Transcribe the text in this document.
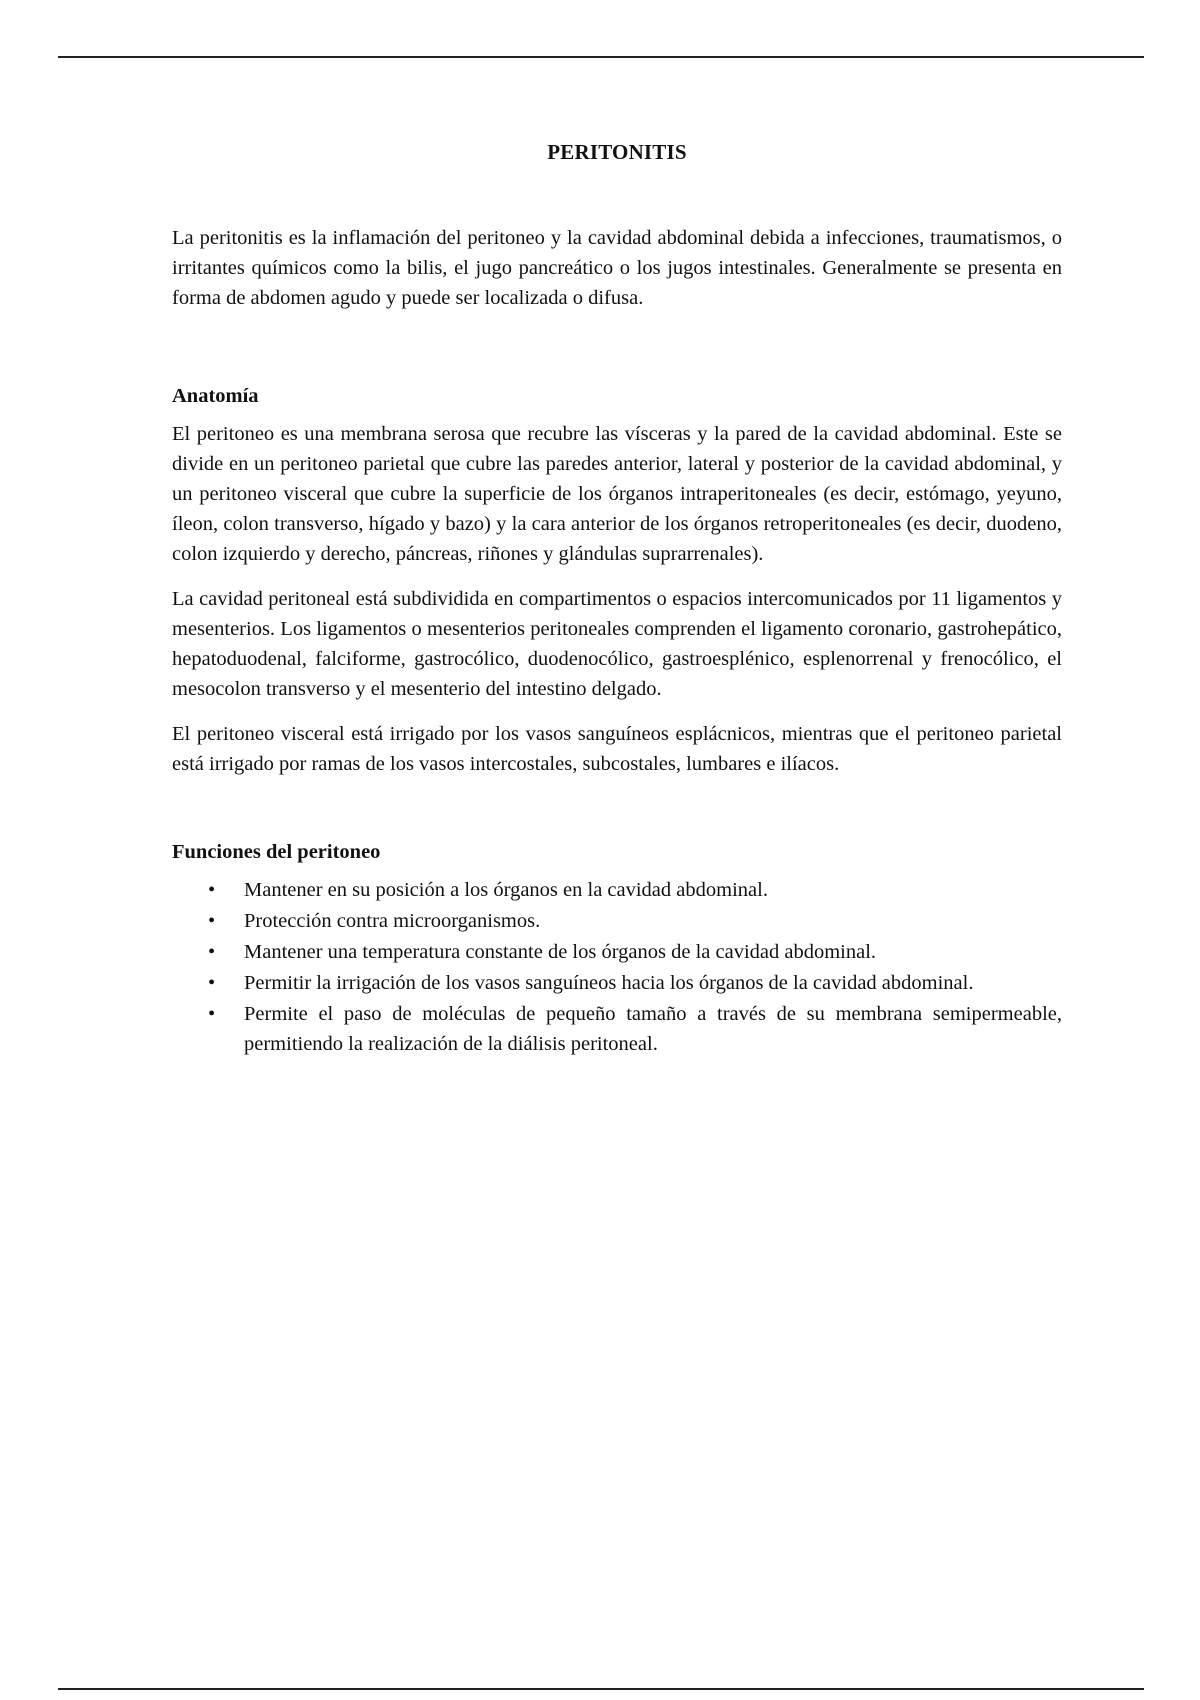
PERITONITIS

La peritonitis es la inflamación del peritoneo y la cavidad abdominal debida a infecciones, traumatismos, o irritantes químicos como la bilis, el jugo pancreático o los jugos intestinales. Generalmente se presenta en forma de abdomen agudo y puede ser localizada o difusa.

Anatomía

El peritoneo es una membrana serosa que recubre las vísceras y la pared de la cavidad abdominal. Este se divide en un peritoneo parietal que cubre las paredes anterior, lateral y posterior de la cavidad abdominal, y un peritoneo visceral que cubre la superficie de los órganos intraperitoneales (es decir, estómago, yeyuno, íleon, colon transverso, hígado y bazo) y la cara anterior de los órganos retroperitoneales (es decir, duodeno, colon izquierdo y derecho, páncreas, riñones y glándulas suprarrenales).

La cavidad peritoneal está subdividida en compartimentos o espacios intercomunicados por 11 ligamentos y mesenterios. Los ligamentos o mesenterios peritoneales comprenden el ligamento coronario, gastrohepático, hepatoduodenal, falciforme, gastrocólico, duodenocólico, gastroesplénico, esplenorrenal y frenocólico, el mesocolon transverso y el mesenterio del intestino delgado.

El peritoneo visceral está irrigado por los vasos sanguíneos esplácnicos, mientras que el peritoneo parietal está irrigado por ramas de los vasos intercostales, subcostales, lumbares e ilíacos.

Funciones del peritoneo
• Mantener en su posición a los órganos en la cavidad abdominal.
• Protección contra microorganismos.
• Mantener una temperatura constante de los órganos de la cavidad abdominal.
• Permitir la irrigación de los vasos sanguíneos hacia los órganos de la cavidad abdominal.
• Permite el paso de moléculas de pequeño tamaño a través de su membrana semipermeable, permitiendo la realización de la diálisis peritoneal.
